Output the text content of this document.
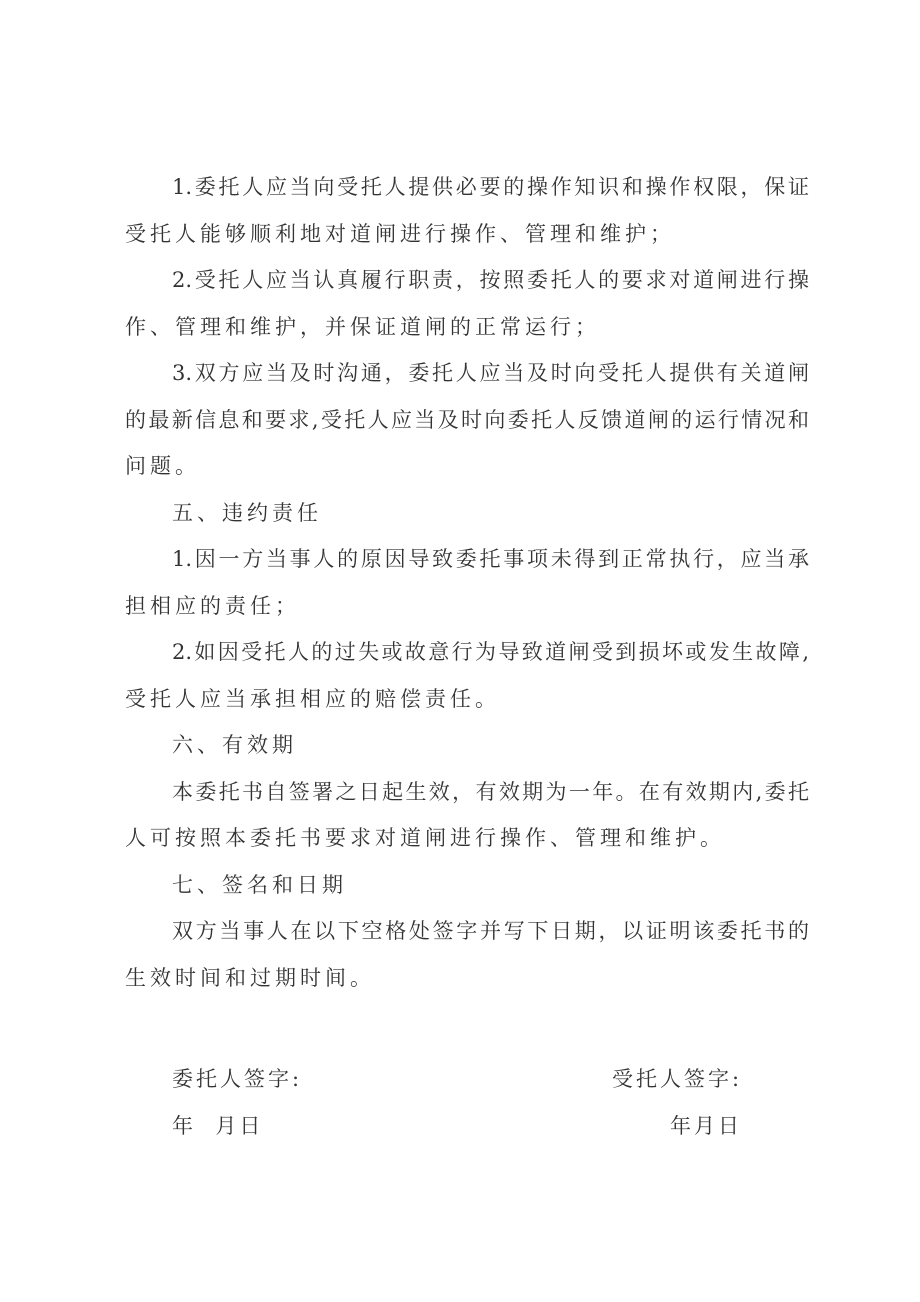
1.委托人应当向受托人提供必要的操作知识和操作权限，保证
受托人能够顺利地对道闸进行操作、管理和维护；

2.受托人应当认真履行职责，按照委托人的要求对道闸进行操
作、管理和维护，并保证道闸的正常运行；

3.双方应当及时沟通，委托人应当及时向受托人提供有关道闸
的最新信息和要求,受托人应当及时向委托人反馈道闸的运行情况和
问题。

五、违约责任

1.因一方当事人的原因导致委托事项未得到正常执行，应当承
担相应的责任；

2.如因受托人的过失或故意行为导致道闸受到损坏或发生故障,
受托人应当承担相应的赔偿责任。

六、有效期

本委托书自签署之日起生效，有效期为一年。在有效期内,委托
人可按照本委托书要求对道闸进行操作、管理和维护。

七、签名和日期

双方当事人在以下空格处签字并写下日期，以证明该委托书的
生效时间和过期时间。

委托人签字:
年  月日
受托人签字:
年月日
